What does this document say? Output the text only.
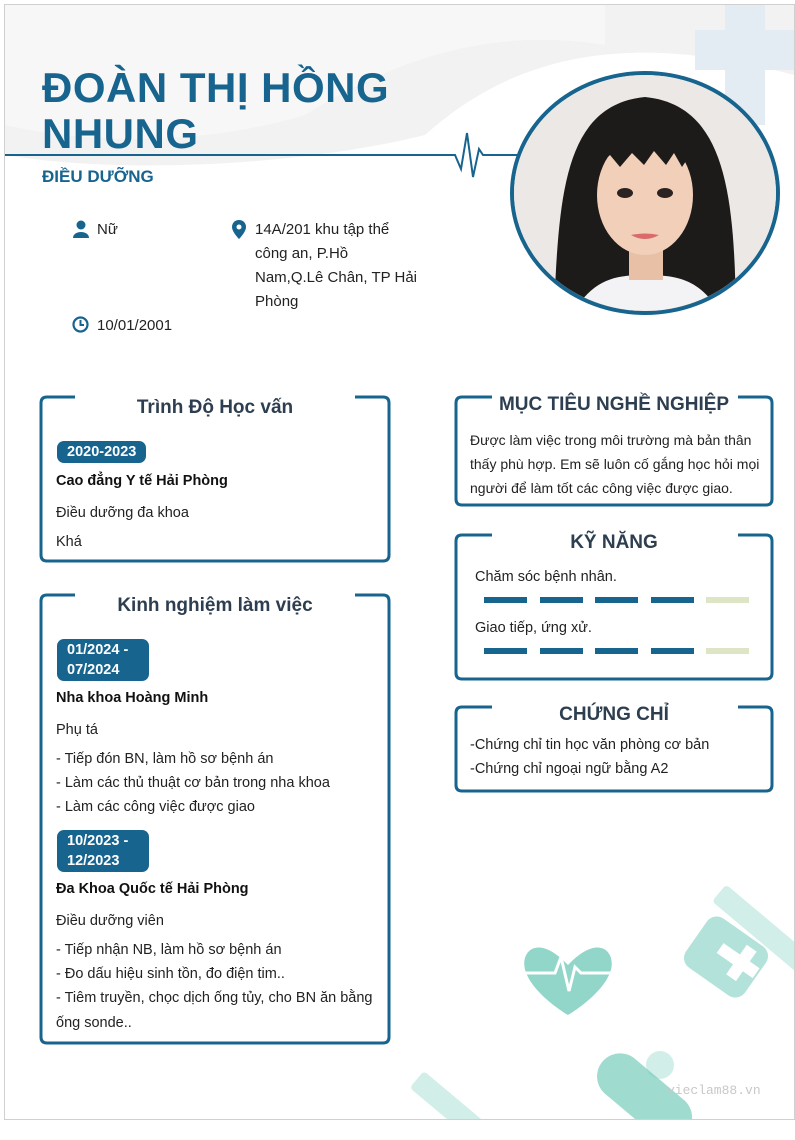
ĐOÀN THỊ HỒNG
NHUNG
ĐIỀU DƯỠNG
Nữ	14A/201 khu tập thể
công an, P.Hồ
Nam,Q.Lê Chân, TP Hải
Phòng
10/01/2001
Trình Độ Học vấn
2020-2023
Cao đẳng Y tế Hải Phòng
Điều dưỡng đa khoa
Khá
Kinh nghiệm làm việc
01/2024 -
07/2024
Nha khoa Hoàng Minh
Phụ tá
- Tiếp đón BN, làm hồ sơ bệnh án
- Làm các thủ thuật cơ bản trong nha khoa
- Làm các công việc được giao
10/2023 -
12/2023
Đa Khoa Quốc tế Hải Phòng
Điều dưỡng viên
- Tiếp nhận NB, làm hồ sơ bệnh án
- Đo dấu hiệu sinh tồn, đo điện tim..
- Tiêm truyền, chọc dịch ống tủy, cho BN ăn bằng
ống sonde..
MỤC TIÊU NGHỀ NGHIỆP
Được làm việc trong môi trường mà bản thân
thấy phù hợp. Em sẽ luôn cố gắng học hỏi mọi
người để làm tốt các công việc được giao.
KỸ NĂNG
Chăm sóc bệnh nhân.
Giao tiếp, ứng xử.
CHỨNG CHỈ
-Chứng chỉ tin học văn phòng cơ bản
-Chứng chỉ ngoại ngữ bằng A2
vieclam88.vn
